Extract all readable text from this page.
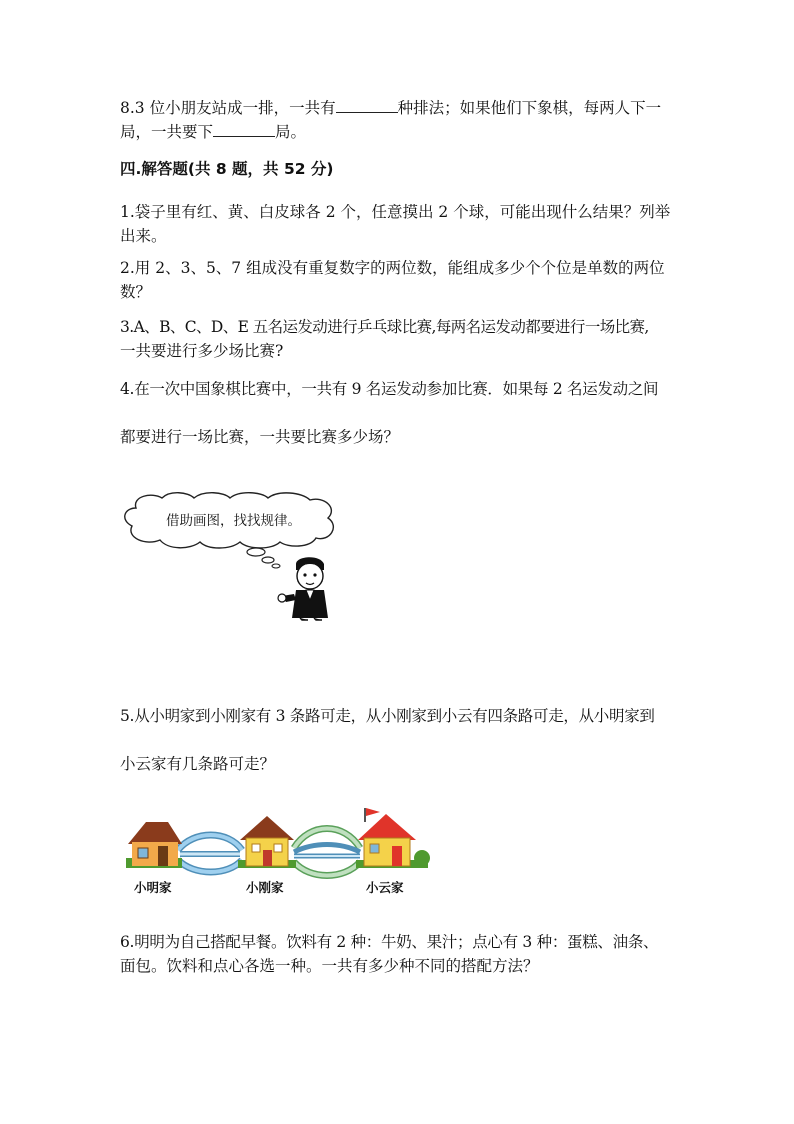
8.3 位小朋友站成一排，一共有	种排法；如果他们下象棋，每两人下一
局，一共要下	局。
四.解答题(共 8 题，共 52 分)
1.袋子里有红、黄、白皮球各 2 个，任意摸出 2 个球，可能出现什么结果？列举
出来。
2.用 2、3、5、7 组成没有重复数字的两位数，能组成多少个个位是单数的两位
数？
3.A、B、C、D、E 五名运发动进行乒乓球比赛,每两名运发动都要进行一场比赛,
一共要进行多少场比赛?
4.在一次中国象棋比赛中，一共有 9 名运发动参加比赛．如果每 2 名运发动之间
都要进行一场比赛，一共要比赛多少场？
借助画图，找找规律。
5.从小明家到小刚家有 3 条路可走，从小刚家到小云有四条路可走，从小明家到
小云家有几条路可走？
小明家	小刚家	小云家
6.明明为自己搭配早餐。饮料有 2 种：牛奶、果汁；点心有 3 种：蛋糕、油条、
面包。饮料和点心各选一种。一共有多少种不同的搭配方法？
